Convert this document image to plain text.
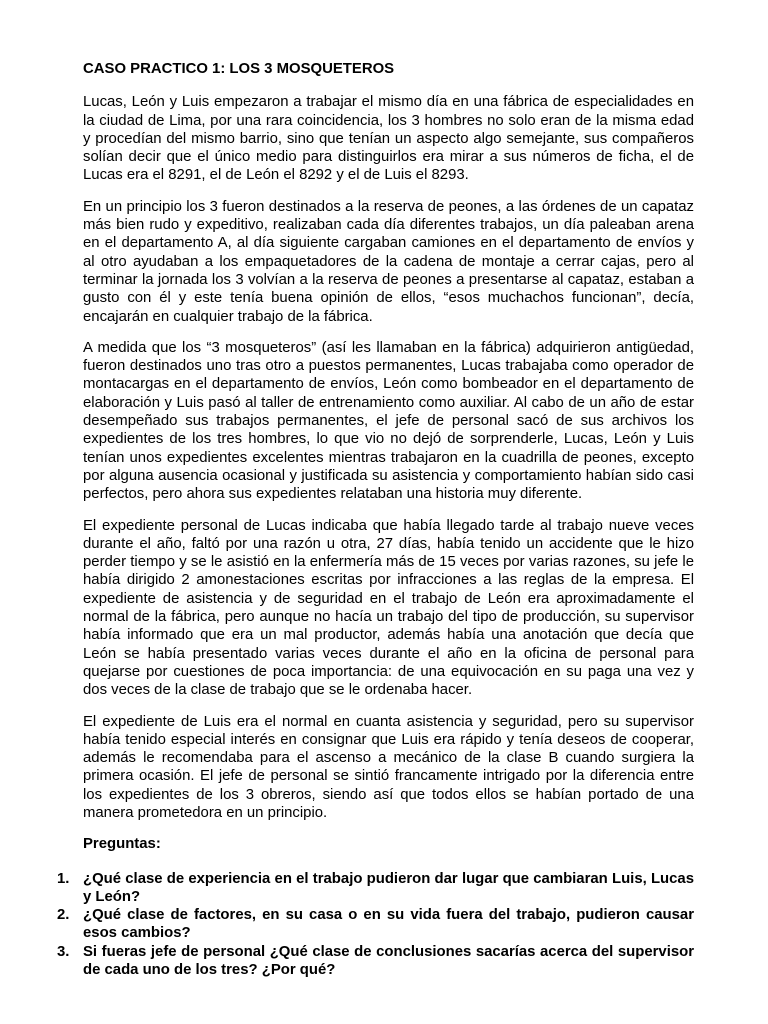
CASO PRACTICO 1: LOS 3 MOSQUETEROS

Lucas, León y Luis empezaron a trabajar el mismo día en una fábrica de especialidades en la ciudad de Lima, por una rara coincidencia, los 3 hombres no solo eran de la misma edad y procedían del mismo barrio, sino que tenían un aspecto algo semejante, sus compañeros solían decir que el único medio para distinguirlos era mirar a sus números de ficha, el de Lucas era el 8291, el de León el 8292 y el de Luis el 8293.

En un principio los 3 fueron destinados a la reserva de peones, a las órdenes de un capataz más bien rudo y expeditivo, realizaban cada día diferentes trabajos, un día paleaban arena en el departamento A, al día siguiente cargaban camiones en el departamento de envíos y al otro ayudaban a los empaquetadores de la cadena de montaje a cerrar cajas, pero al terminar la jornada los 3 volvían a la reserva de peones a presentarse al capataz, estaban a gusto con él y este tenía buena opinión de ellos, “esos muchachos funcionan”, decía, encajarán en cualquier trabajo de la fábrica.

A medida que los “3 mosqueteros” (así les llamaban en la fábrica) adquirieron antigüedad, fueron destinados uno tras otro a puestos permanentes, Lucas trabajaba como operador de montacargas en el departamento de envíos, León como bombeador en el departamento de elaboración y Luis pasó al taller de entrenamiento como auxiliar. Al cabo de un año de estar desempeñado sus trabajos permanentes, el jefe de personal sacó de sus archivos los expedientes de los tres hombres, lo que vio no dejó de sorprenderle, Lucas, León y Luis tenían unos expedientes excelentes mientras trabajaron en la cuadrilla de peones, excepto por alguna ausencia ocasional y justificada su asistencia y comportamiento habían sido casi perfectos, pero ahora sus expedientes relataban una historia muy diferente.

El expediente personal de Lucas indicaba que había llegado tarde al trabajo nueve veces durante el año, faltó por una razón u otra, 27 días, había tenido un accidente que le hizo perder tiempo y se le asistió en la enfermería más de 15 veces por varias razones, su jefe le había dirigido 2 amonestaciones escritas por infracciones a las reglas de la empresa. El expediente de asistencia y de seguridad en el trabajo de León era aproximadamente el normal de la fábrica, pero aunque no hacía un trabajo del tipo de producción, su supervisor había informado que era un mal productor, además había una anotación que decía que León se había presentado varias veces durante el año en la oficina de personal para quejarse por cuestiones de poca importancia: de una equivocación en su paga una vez y dos veces de la clase de trabajo que se le ordenaba hacer.

El expediente de Luis era el normal en cuanta asistencia y seguridad, pero su supervisor había tenido especial interés en consignar que Luis era rápido y tenía deseos de cooperar, además le recomendaba para el ascenso a mecánico de la clase B cuando surgiera la primera ocasión. El jefe de personal se sintió francamente intrigado por la diferencia entre los expedientes de los 3 obreros, siendo así que todos ellos se habían portado de una manera prometedora en un principio.

Preguntas:
1. ¿Qué clase de experiencia en el trabajo pudieron dar lugar que cambiaran Luis, Lucas y León?
2. ¿Qué clase de factores, en su casa o en su vida fuera del trabajo, pudieron causar esos cambios?
3. Si fueras jefe de personal ¿Qué clase de conclusiones sacarías acerca del supervisor de cada uno de los tres? ¿Por qué?
